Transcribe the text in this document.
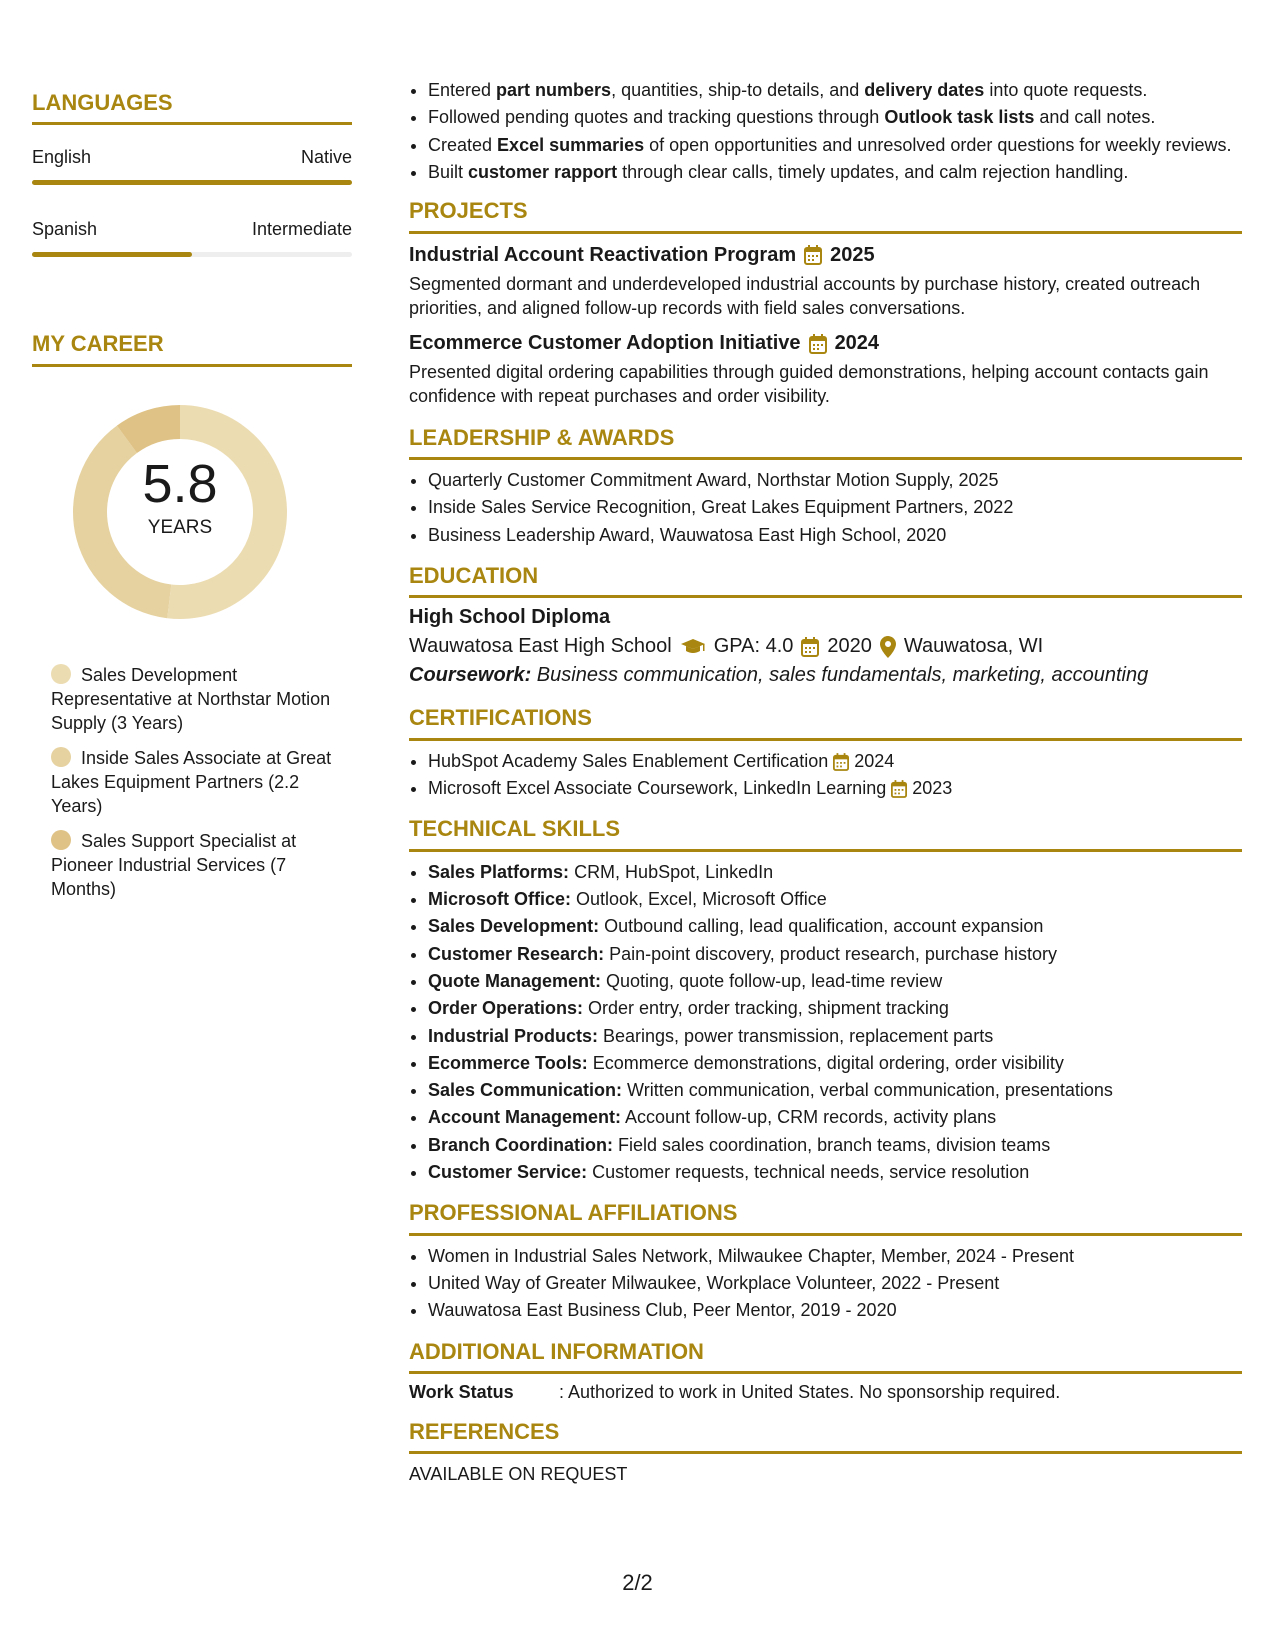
LANGUAGES
English	Native
Spanish	Intermediate
MY CAREER
5.8
YEARS
Sales Development Representative at Northstar Motion Supply (3 Years)
Inside Sales Associate at Great Lakes Equipment Partners (2.2 Years)
Sales Support Specialist at Pioneer Industrial Services (7 Months)
• Entered part numbers, quantities, ship-to details, and delivery dates into quote requests.
• Followed pending quotes and tracking questions through Outlook task lists and call notes.
• Created Excel summaries of open opportunities and unresolved order questions for weekly reviews.
• Built customer rapport through clear calls, timely updates, and calm rejection handling.
PROJECTS
Industrial Account Reactivation Program 2025
Segmented dormant and underdeveloped industrial accounts by purchase history, created outreach priorities, and aligned follow-up records with field sales conversations.
Ecommerce Customer Adoption Initiative 2024
Presented digital ordering capabilities through guided demonstrations, helping account contacts gain confidence with repeat purchases and order visibility.
LEADERSHIP & AWARDS
• Quarterly Customer Commitment Award, Northstar Motion Supply, 2025
• Inside Sales Service Recognition, Great Lakes Equipment Partners, 2022
• Business Leadership Award, Wauwatosa East High School, 2020
EDUCATION
High School Diploma
Wauwatosa East High School GPA: 4.0 2020 Wauwatosa, WI
Coursework: Business communication, sales fundamentals, marketing, accounting
CERTIFICATIONS
• HubSpot Academy Sales Enablement Certification 2024
• Microsoft Excel Associate Coursework, LinkedIn Learning 2023
TECHNICAL SKILLS
• Sales Platforms: CRM, HubSpot, LinkedIn
• Microsoft Office: Outlook, Excel, Microsoft Office
• Sales Development: Outbound calling, lead qualification, account expansion
• Customer Research: Pain-point discovery, product research, purchase history
• Quote Management: Quoting, quote follow-up, lead-time review
• Order Operations: Order entry, order tracking, shipment tracking
• Industrial Products: Bearings, power transmission, replacement parts
• Ecommerce Tools: Ecommerce demonstrations, digital ordering, order visibility
• Sales Communication: Written communication, verbal communication, presentations
• Account Management: Account follow-up, CRM records, activity plans
• Branch Coordination: Field sales coordination, branch teams, division teams
• Customer Service: Customer requests, technical needs, service resolution
PROFESSIONAL AFFILIATIONS
• Women in Industrial Sales Network, Milwaukee Chapter, Member, 2024 - Present
• United Way of Greater Milwaukee, Workplace Volunteer, 2022 - Present
• Wauwatosa East Business Club, Peer Mentor, 2019 - 2020
ADDITIONAL INFORMATION
Work Status	: Authorized to work in United States. No sponsorship required.
REFERENCES
AVAILABLE ON REQUEST
2/2
